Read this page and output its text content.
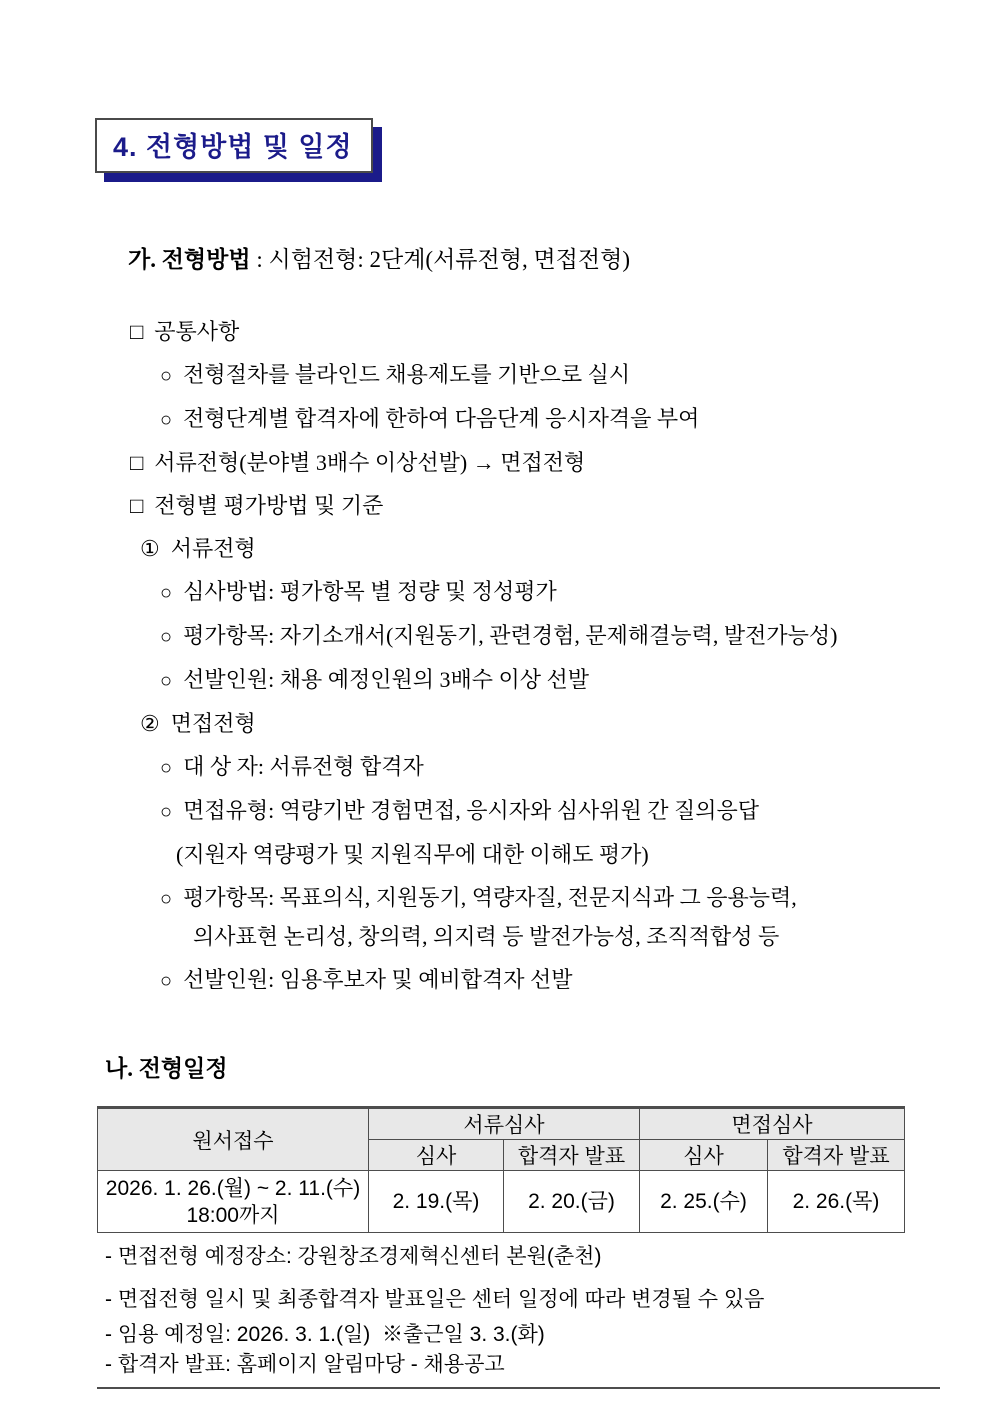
4. 전형방법 및 일정

가. 전형방법 : 시험전형: 2단계(서류전형, 면접전형)

□ 공통사항
○ 전형절차를 블라인드 채용제도를 기반으로 실시
○ 전형단계별 합격자에 한하여 다음단계 응시자격을 부여
□ 서류전형(분야별 3배수 이상선발) → 면접전형
□ 전형별 평가방법 및 기준
① 서류전형
○ 심사방법: 평가항목 별 정량 및 정성평가
○ 평가항목: 자기소개서(지원동기, 관련경험, 문제해결능력, 발전가능성)
○ 선발인원: 채용 예정인원의 3배수 이상 선발
② 면접전형
○ 대 상 자: 서류전형 합격자
○ 면접유형: 역량기반 경험면접, 응시자와 심사위원 간 질의응답
(지원자 역량평가 및 지원직무에 대한 이해도 평가)
○ 평가항목: 목표의식, 지원동기, 역량자질, 전문지식과 그 응용능력,
의사표현 논리성, 창의력, 의지력 등 발전가능성, 조직적합성 등
○ 선발인원: 임용후보자 및 예비합격자 선발
나. 전형일정
원서접수	서류심사		면접심사	
	심사	합격자 발표	심사	합격자 발표

2026. 1. 26.(월) ~ 2. 11.(수)
18:00까지	2. 19.(목)	2. 20.(금)	2. 25.(수)	2. 26.(목)
- 면접전형 예정장소: 강원창조경제혁신센터 본원(춘천)
- 면접전형 일시 및 최종합격자 발표일은 센터 일정에 따라 변경될 수 있음
- 임용 예정일: 2026. 3. 1.(일)  ※출근일 3. 3.(화)
- 합격자 발표: 홈페이지 알림마당 - 채용공고
